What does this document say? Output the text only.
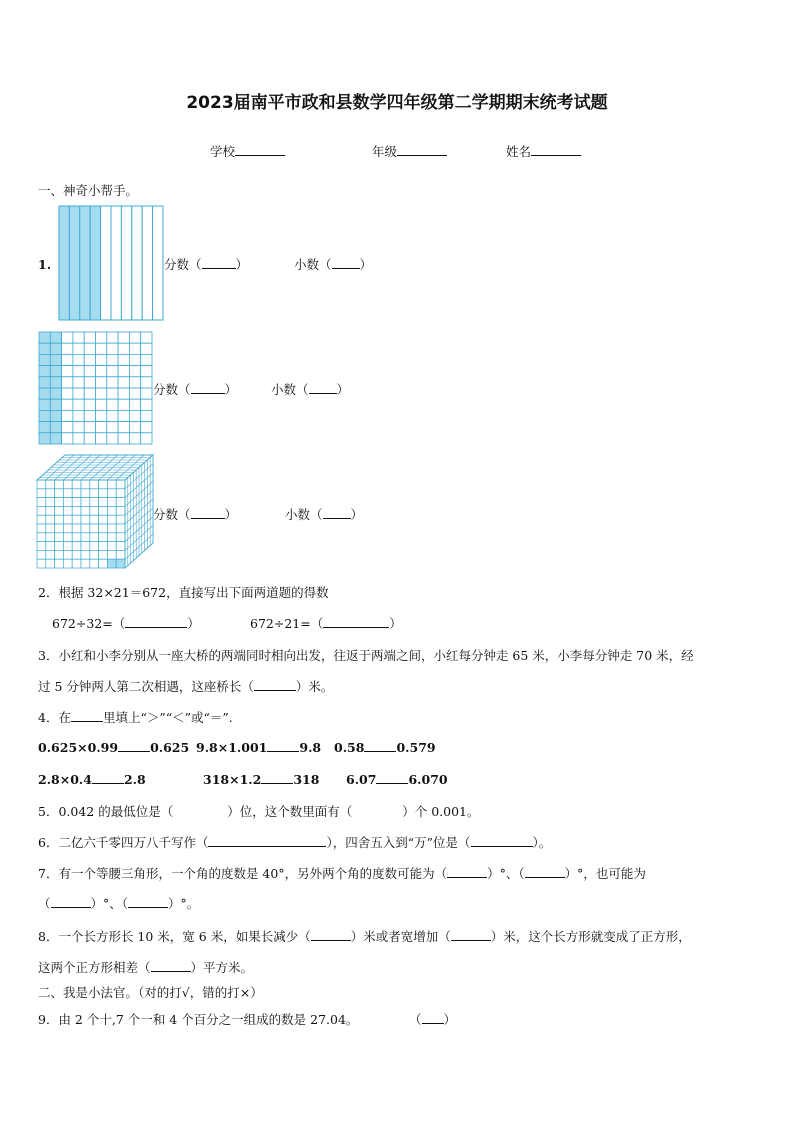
2023届南平市政和县数学四年级第二学期期末统考试题
学校	年级	姓名
一、神奇小帮手。
1.	分数（	）	小数（ ）
分数（	）	小数（ ）
分数（	）	小数（ ）
2．根据 32×21＝672，直接写出下面两道题的得数
672÷32=（	）	672÷21=（	）
3．小红和小李分别从一座大桥的两端同时相向出发，往返于两端之间，小红每分钟走 65 米，小李每分钟走 70 米，经
过 5 分钟两人第二次相遇，这座桥长（	）米。
4．在	里填上“＞”“＜”或“＝”.
0.625×0.99	0.625 9.8×1.001	9.8 0.58	0.579
2.8×0.4	2.8	318×1.2	318 6.07	6.070
5．0.042 的最低位是（	）位，这个数里面有（	）个 0.001。
6．二亿六千零四万八千写作（	），四舍五入到“万”位是（	）。
7．有一个等腰三角形，一个角的度数是 40°，另外两个角的度数可能为（	）°、（	）°，也可能为
（	）°、（	）°。
8．一个长方形长 10 米，宽 6 米，如果长减少（	）米或者宽增加（	）米，这个长方形就变成了正方形，
这两个正方形相差（	）平方米。
二、我是小法官。（对的打√，错的打×）
9．由 2 个十,7 个一和 4 个百分之一组成的数是 27.04。	（ ）
